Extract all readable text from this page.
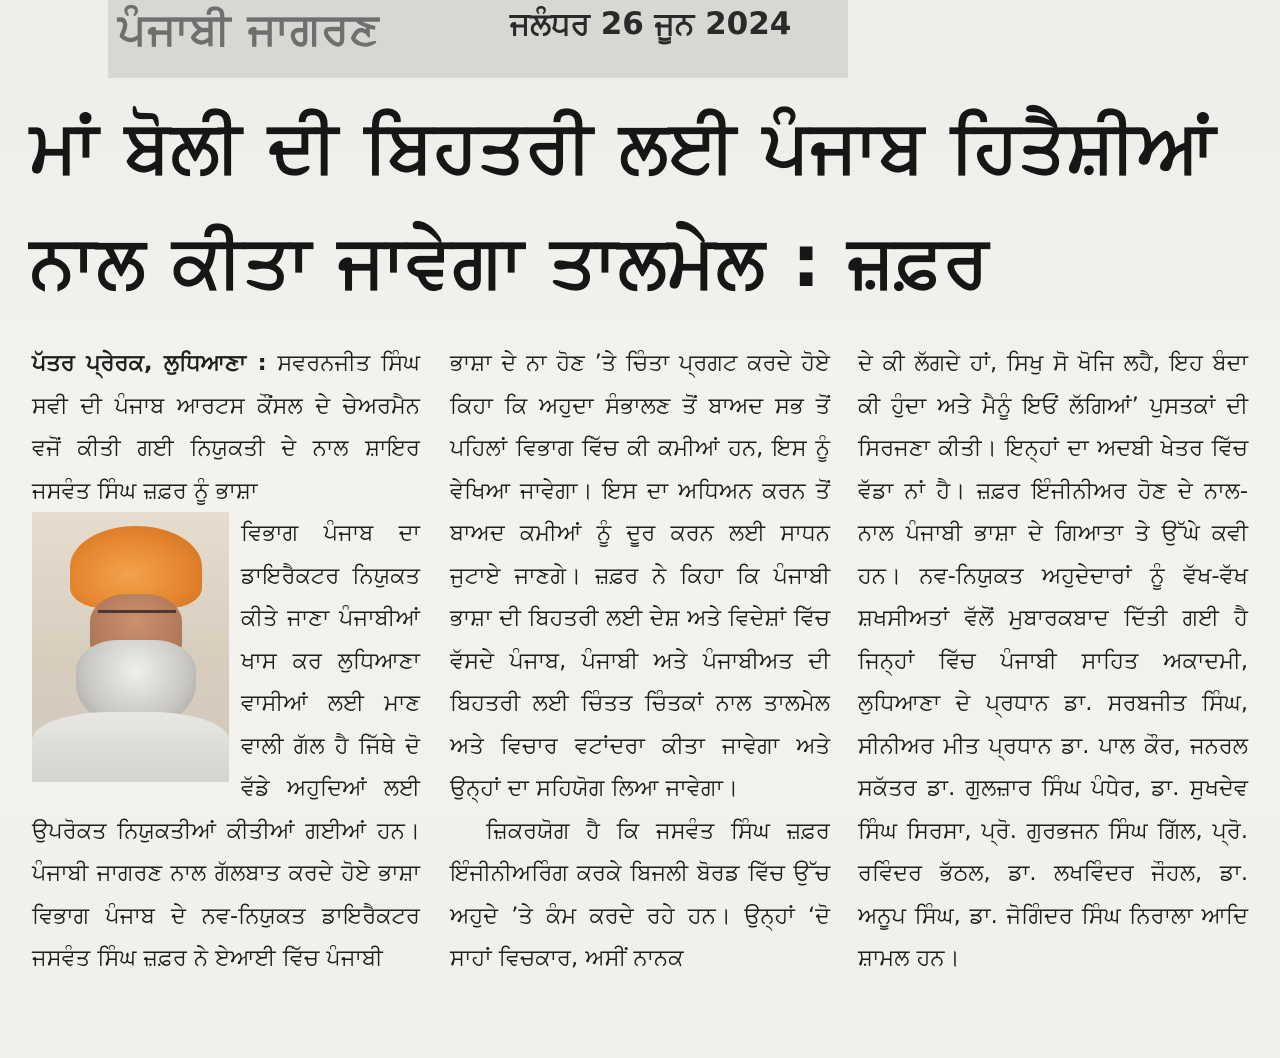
ਪੰਜਾਬੀ ਜਾਗਰਣ	ਜਲੰਧਰ 26 ਜੂਨ 2024
ਮਾਂ ਬੋਲੀ ਦੀ ਬਿਹਤਰੀ ਲਈ ਪੰਜਾਬ ਹਿਤੈਸ਼ੀਆਂ
ਨਾਲ ਕੀਤਾ ਜਾਵੇਗਾ ਤਾਲਮੇਲ : ਜ਼ਫ਼ਰ

ਪੱਤਰ ਪ੍ਰੇਰਕ, ਲੁਧਿਆਣਾ : ਸਵਰਨਜੀਤ ਸਿੰਘ ਸਵੀ ਦੀ ਪੰਜਾਬ ਆਰਟਸ ਕੌਂਸਲ ਦੇ ਚੇਅਰਮੈਨ ਵਜੋਂ ਕੀਤੀ ਗਈ ਨਿਯੁਕਤੀ ਦੇ ਨਾਲ ਸ਼ਾਇਰ ਜਸਵੰਤ ਸਿੰਘ ਜ਼ਫ਼ਰ ਨੂੰ ਭਾਸ਼ਾ

ਵਿਭਾਗ ਪੰਜਾਬ ਦਾ ਡਾਇਰੈਕਟਰ ਨਿਯੁਕਤ ਕੀਤੇ ਜਾਣਾ ਪੰਜਾਬੀਆਂ ਖਾਸ ਕਰ ਲੁਧਿਆਣਾ ਵਾਸੀਆਂ ਲਈ ਮਾਣ ਵਾਲੀ ਗੱਲ ਹੈ ਜਿੱਥੇ ਦੋ ਵੱਡੇ ਅਹੁਦਿਆਂ ਲਈ ਉਪਰੋਕਤ ਨਿਯੁਕਤੀਆਂ ਕੀਤੀਆਂ ਗਈਆਂ ਹਨ। ਪੰਜਾਬੀ ਜਾਗਰਣ ਨਾਲ ਗੱਲਬਾਤ ਕਰਦੇ ਹੋਏ ਭਾਸ਼ਾ ਵਿਭਾਗ ਪੰਜਾਬ ਦੇ ਨਵ-ਨਿਯੁਕਤ ਡਾਇਰੈਕਟਰ ਜਸਵੰਤ ਸਿੰਘ ਜ਼ਫ਼ਰ ਨੇ ਏਆਈ ਵਿੱਚ ਪੰਜਾਬੀ

ਭਾਸ਼ਾ ਦੇ ਨਾ ਹੋਣ ’ਤੇ ਚਿੰਤਾ ਪ੍ਰਗਟ ਕਰਦੇ ਹੋਏ ਕਿਹਾ ਕਿ ਅਹੁਦਾ ਸੰਭਾਲਣ ਤੋਂ ਬਾਅਦ ਸਭ ਤੋਂ ਪਹਿਲਾਂ ਵਿਭਾਗ ਵਿੱਚ ਕੀ ਕਮੀਆਂ ਹਨ, ਇਸ ਨੂੰ ਵੇਖਿਆ ਜਾਵੇਗਾ। ਇਸ ਦਾ ਅਧਿਅਨ ਕਰਨ ਤੋਂ ਬਾਅਦ ਕਮੀਆਂ ਨੂੰ ਦੂਰ ਕਰਨ ਲਈ ਸਾਧਨ ਜੁਟਾਏ ਜਾਣਗੇ। ਜ਼ਫ਼ਰ ਨੇ ਕਿਹਾ ਕਿ ਪੰਜਾਬੀ ਭਾਸ਼ਾ ਦੀ ਬਿਹਤਰੀ ਲਈ ਦੇਸ਼ ਅਤੇ ਵਿਦੇਸ਼ਾਂ ਵਿੱਚ ਵੱਸਦੇ ਪੰਜਾਬ, ਪੰਜਾਬੀ ਅਤੇ ਪੰਜਾਬੀਅਤ ਦੀ ਬਿਹਤਰੀ ਲਈ ਚਿੰਤਤ ਚਿੰਤਕਾਂ ਨਾਲ ਤਾਲਮੇਲ ਅਤੇ ਵਿਚਾਰ ਵਟਾਂਦਰਾ ਕੀਤਾ ਜਾਵੇਗਾ ਅਤੇ ਉਨ੍ਹਾਂ ਦਾ ਸਹਿਯੋਗ ਲਿਆ ਜਾਵੇਗਾ।

ਜ਼ਿਕਰਯੋਗ ਹੈ ਕਿ ਜਸਵੰਤ ਸਿੰਘ ਜ਼ਫ਼ਰ ਇੰਜੀਨੀਅਰਿੰਗ ਕਰਕੇ ਬਿਜਲੀ ਬੋਰਡ ਵਿੱਚ ਉੱਚ ਅਹੁਦੇ ’ਤੇ ਕੰਮ ਕਰਦੇ ਰਹੇ ਹਨ। ਉਨ੍ਹਾਂ ‘ਦੋ ਸਾਹਾਂ ਵਿਚਕਾਰ, ਅਸੀਂ ਨਾਨਕ

ਦੇ ਕੀ ਲੱਗਦੇ ਹਾਂ, ਸਿਖੁ ਸੋ ਖੋਜਿ ਲਹੈ, ਇਹ ਬੰਦਾ ਕੀ ਹੁੰਦਾ ਅਤੇ ਮੈਨੂੰ ਇਓਂ ਲੱਗਿਆਂ’ ਪੁਸਤਕਾਂ ਦੀ ਸਿਰਜਣਾ ਕੀਤੀ। ਇਨ੍ਹਾਂ ਦਾ ਅਦਬੀ ਖੇਤਰ ਵਿੱਚ ਵੱਡਾ ਨਾਂ ਹੈ। ਜ਼ਫ਼ਰ ਇੰਜੀਨੀਅਰ ਹੋਣ ਦੇ ਨਾਲ-ਨਾਲ ਪੰਜਾਬੀ ਭਾਸ਼ਾ ਦੇ ਗਿਆਤਾ ਤੇ ਉੱਘੇ ਕਵੀ ਹਨ। ਨਵ-ਨਿਯੁਕਤ ਅਹੁਦੇਦਾਰਾਂ ਨੂੰ ਵੱਖ-ਵੱਖ ਸ਼ਖਸੀਅਤਾਂ ਵੱਲੋਂ ਮੁਬਾਰਕਬਾਦ ਦਿੱਤੀ ਗਈ ਹੈ ਜਿਨ੍ਹਾਂ ਵਿੱਚ ਪੰਜਾਬੀ ਸਾਹਿਤ ਅਕਾਦਮੀ, ਲੁਧਿਆਣਾ ਦੇ ਪ੍ਰਧਾਨ ਡਾ. ਸਰਬਜੀਤ ਸਿੰਘ, ਸੀਨੀਅਰ ਮੀਤ ਪ੍ਰਧਾਨ ਡਾ. ਪਾਲ ਕੌਰ, ਜਨਰਲ ਸਕੱਤਰ ਡਾ. ਗੁਲਜ਼ਾਰ ਸਿੰਘ ਪੰਧੇਰ, ਡਾ. ਸੁਖਦੇਵ ਸਿੰਘ ਸਿਰਸਾ, ਪ੍ਰੋ. ਗੁਰਭਜਨ ਸਿੰਘ ਗਿੱਲ, ਪ੍ਰੋ. ਰਵਿੰਦਰ ਭੱਠਲ, ਡਾ. ਲਖਵਿੰਦਰ ਜੌਹਲ, ਡਾ. ਅਨੂਪ ਸਿੰਘ, ਡਾ. ਜੋਗਿੰਦਰ ਸਿੰਘ ਨਿਰਾਲਾ ਆਦਿ ਸ਼ਾਮਲ ਹਨ।
